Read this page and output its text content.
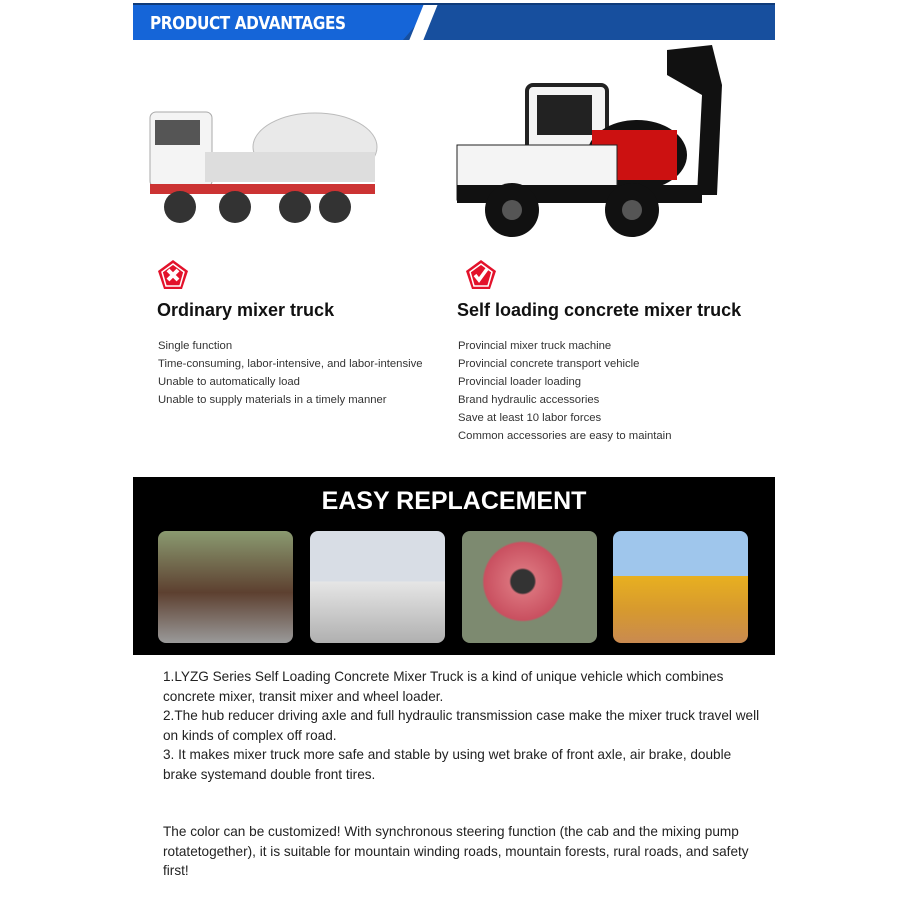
PRODUCT ADVANTAGES
Ordinary mixer truck	Self loading concrete mixer truck
Single function
Time-consuming, labor-intensive, and labor-intensive
Unable to automatically load
Unable to supply materials in a timely manner
Provincial mixer truck machine
Provincial concrete transport vehicle
Provincial loader loading
Brand hydraulic accessories
Save at least 10 labor forces
Common accessories are easy to maintain
EASY REPLACEMENT
1.LYZG Series Self Loading Concrete Mixer Truck is a kind of unique vehicle which combines concrete mixer, transit mixer and wheel loader.
2.The hub reducer driving axle and full hydraulic transmission case make the mixer truck travel well on kinds of complex off road.
3. It makes mixer truck more safe and stable by using wet brake of front axle, air brake, double brake systemand double front tires.
The color can be customized! With synchronous steering function (the cab and the mixing pump rotatetogether), it is suitable for mountain winding roads, mountain forests, rural roads, and safety first!
